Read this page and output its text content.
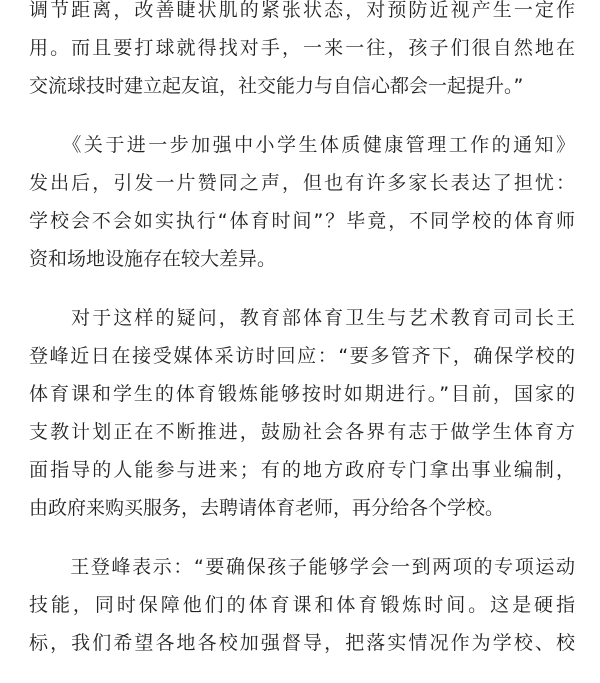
调节距离，改善睫状肌的紧张状态，对预防近视产生一定作
用。而且要打球就得找对手，一来一往，孩子们很自然地在
交流球技时建立起友谊，社交能力与自信心都会一起提升。”
　　《关于进一步加强中小学生体质健康管理工作的通知》
发出后，引发一片赞同之声，但也有许多家长表达了担忧：
学校会不会如实执行“体育时间”？毕竟，不同学校的体育师
资和场地设施存在较大差异。
　　对于这样的疑问，教育部体育卫生与艺术教育司司长王
登峰近日在接受媒体采访时回应：“要多管齐下，确保学校的
体育课和学生的体育锻炼能够按时如期进行。”目前，国家的
支教计划正在不断推进，鼓励社会各界有志于做学生体育方
面指导的人能参与进来；有的地方政府专门拿出事业编制，
由政府来购买服务，去聘请体育老师，再分给各个学校。
　　王登峰表示：“要确保孩子能够学会一到两项的专项运动
技能，同时保障他们的体育课和体育锻炼时间。这是硬指
标，我们希望各地各校加强督导，把落实情况作为学校、校
